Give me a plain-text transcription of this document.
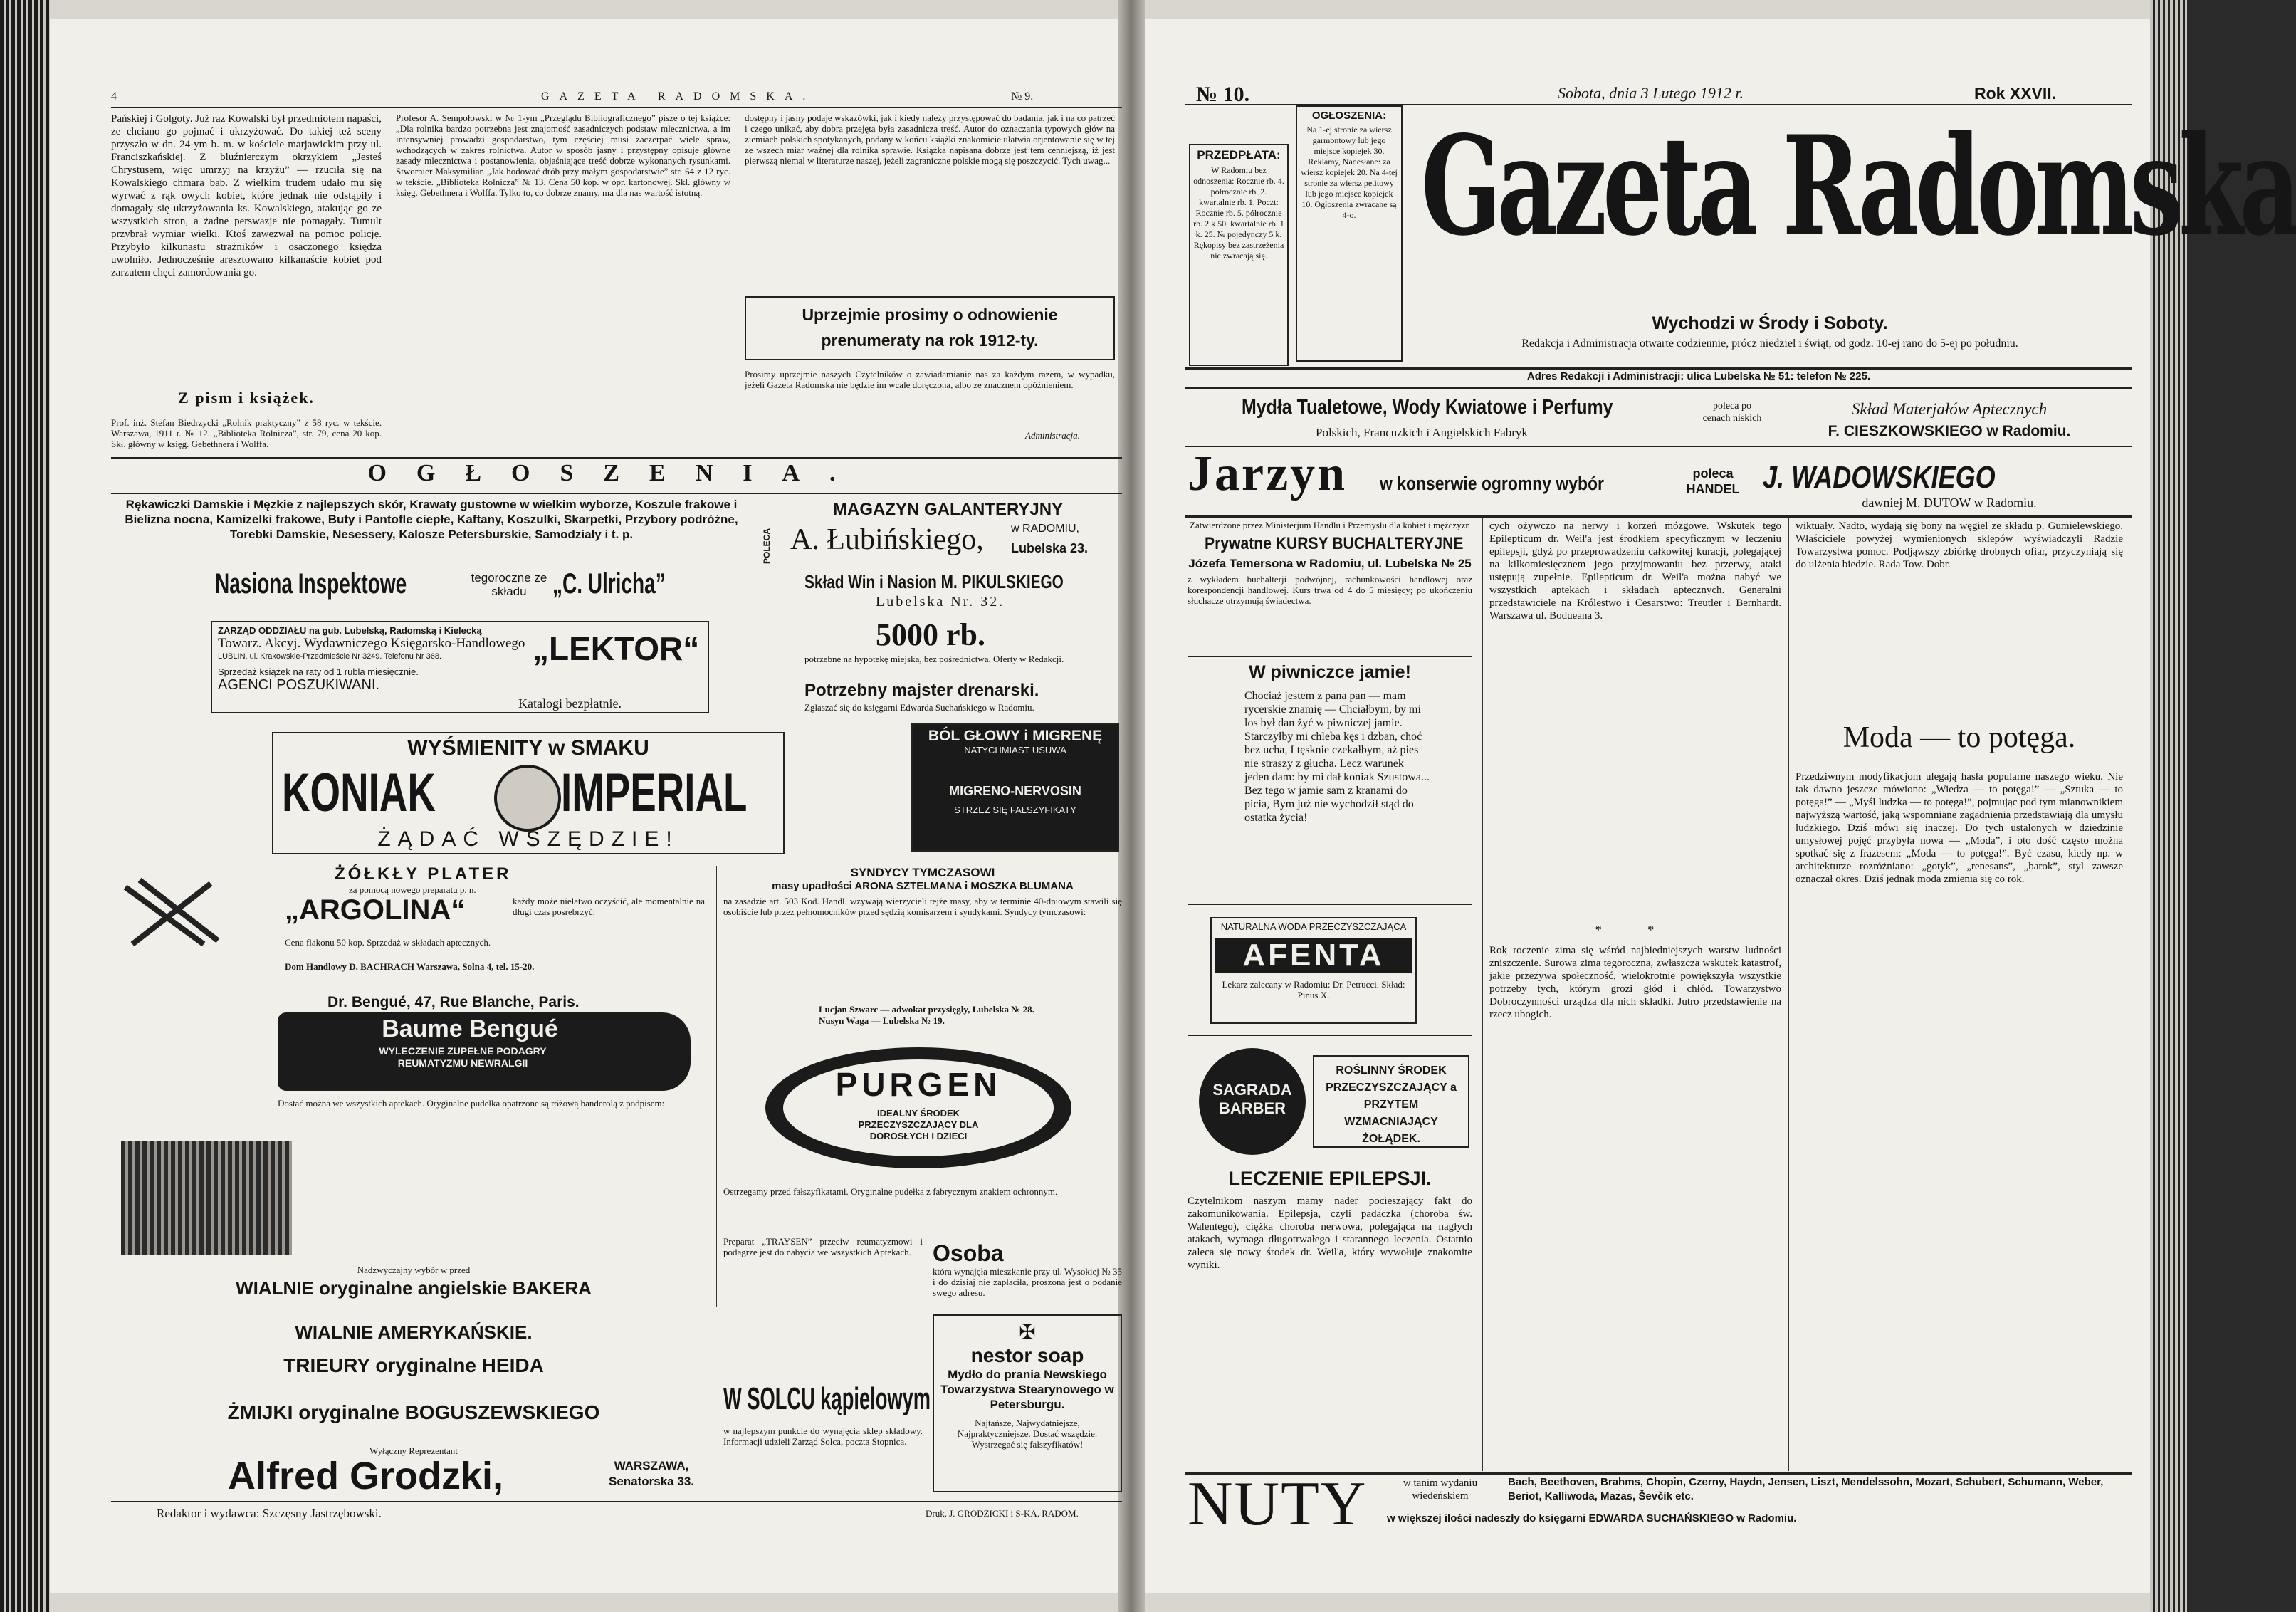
4	GAZETA RADOMSKA.	№ 9.
Pańskiej i Golgoty. Już raz Kowalski był przedmiotem napaści, ze chciano go pojmać i ukrzyżować. Do takiej też sceny przyszło w dn. 24-ym b. m. w kościele marjawickim przy ul. Franciszkańskiej. Z bluźnierczym okrzykiem „Jesteś Chrystusem, więc umrzyj na krzyżu” — rzuciła się na Kowalskiego chmara bab. Z wielkim trudem udało mu się wyrwać z rąk owych kobiet, które jednak nie odstąpiły i domagały się ukrzyżowania ks. Kowalskiego, atakując go ze wszystkich stron, a żadne perswazje nie pomagały. Tumult przybrał wymiar wielki. Ktoś zawezwał na pomoc policję. Przybyło kilkunastu strażników i osaczonego księdza uwolniło. Jednocześnie aresztowano kilkanaście kobiet pod zarzutem chęci zamordowania go.
Z pism i książek.
Prof. inż. Stefan Biedrzycki „Rolnik praktyczny” z 58 ryc. w tekście. Warszawa, 1911 r. № 12. „Biblioteka Rolnicza”, str. 79, cena 20 kop. Skł. główny w księg. Gebethnera i Wolffa.
Profesor A. Sempołowski w № 1-ym „Przeglądu Bibliograficznego” pisze o tej książce: „Dla rolnika bardzo potrzebna jest znajomość zasadniczych podstaw mlecznictwa, a im intensywniej prowadzi gospodarstwo, tym częściej musi zaczerpać wiele spraw, wchodzących w zakres rolnictwa. Autor w sposób jasny i przystępny opisuje główne zasady mlecznictwa i postanowienia, objaśniające treść dobrze wykonanych rysunkami. Stwornier Maksymilian „Jak hodować drób przy małym gospodarstwie” str. 64 z 12 ryc. w tekście. „Biblioteka Rolnicza” № 13. Cena 50 kop. w opr. kartonowej. Skł. główny w księg. Gebethnera i Wolffa. Tylko to, co dobrze znamy, ma dla nas wartość istotną.
dostępny i jasny podaje wskazówki, jak i kiedy należy przystępować do badania, jak i na co patrzeć i czego unikać, aby dobra przejęta była zasadnicza treść. Autor do oznaczania typowych głów na ziemiach polskich spotykanych, podany w końcu książki znakomicie ułatwia orjentowanie się w tej ze wszech miar ważnej dla rolnika sprawie. Książka napisana dobrze jest tem cenniejszą, iż jest pierwszą niemal w literaturze naszej, jeżeli zagraniczne polskie mogą się poszczycić. Tych uwag...
Uprzejmie prosimy o odnowienie prenumeraty na rok 1912-ty.
Prosimy uprzejmie naszych Czytelników o zawiadamianie nas za każdym razem, w wypadku, jeżeli Gazeta Radomska nie będzie im wcale doręczona, albo ze znacznem opóźnieniem.
Administracja.
OGŁOSZENIA.
Rękawiczki Damskie i Męzkie z najlepszych skór, Krawaty gustowne w wielkim wyborze, Koszule frakowe i Bielizna nocna, Kamizelki frakowe, Buty i Pantofle ciepłe, Kaftany, Koszulki, Skarpetki, Przybory podróżne, Torebki Damskie, Nesessery, Kalosze Petersburskie, Samodziały i t. p.	POLECA
MAGAZYN GALANTERYJNY
w RADOMIU,
A. Łubińskiego, Lubelska 23.
Nasiona Inspektowe	tegoroczne ze składu „C. Ulricha”	Skład Win i Nasion M. PIKULSKIEGO
Lubelska Nr. 32.
ZARZĄD ODDZIAŁU na gub. Lubelską, Radomską i Kielecką
Towarz. Akcyj. Wydawniczego Księgarsko-Handlowego
LUBLIN, ul. Krakowskie-Przedmieście Nr 3249. Telefonu Nr 368.	„LEKTOR“
Sprzedaż książek na raty od 1 rubla miesięcznie.
AGENCI POSZUKIWANI.
Katalogi bezpłatnie.
5000 rb.
potrzebne na hypotekę miejską, bez pośrednictwa. Oferty w Redakcji.
Potrzebny majster drenarski.
Zgłaszać się do księgarni Edwarda Suchańskiego w Radomiu.
WYŚMIENITY w SMAKU
KONIAK IMPERIAL
ŻĄDAĆ WSZĘDZIE!
BÓL GŁOWY i MIGRENĘ
NATYCHMIAST USUWA
MIGRENO-NERVOSIN
STRZEZ SIĘ FAŁSZYFIKATY
ŻÓŁKŁY PLATER
za pomocą nowego preparatu p. n.
„ARGOLINA“	każdy może niełatwo oczyścić, ale momentalnie na długi czas posrebrzyć.
Cena flakonu 50 kop. Sprzedaż w składach aptecznych.
Dom Handlowy D. BACHRACH Warszawa, Solna 4, tel. 15-20.
SYNDYCY TYMCZASOWI
masy upadłości ARONA SZTELMANA i MOSZKA BLUMANA
na zasadzie art. 503 Kod. Handl. wzywają wierzycieli tejże masy, aby w terminie 40-dniowym stawili się osobiście lub przez pełnomocników przed sędzią komisarzem i syndykami. Syndycy tymczasowi:
Lucjan Szwarc — adwokat przysięgły, Lubelska № 28.
Nusyn Waga — Lubelska № 19.
Dr. Bengué, 47, Rue Blanche, Paris.
Baume Bengué
WYLECZENIE ZUPEŁNE PODAGRY REUMATYZMU NEWRALGII
Dostać można we wszystkich aptekach. Oryginalne pudełka opatrzone są różową banderolą z podpisem:
PURGEN
IDEALNY ŚRODEK PRZECZYSZCZAJĄCY DLA DOROSŁYCH I DZIECI
Ostrzegamy przed fałszyfikatami. Oryginalne pudełka z fabrycznym znakiem ochronnym.
Nadzwyczajny wybór w przed
WIALNIE oryginalne angielskie BAKERA
WIALNIE AMERYKAŃSKIE.
TRIEURY oryginalne HEIDA
ŻMIJKI oryginalne BOGUSZEWSKIEGO
Wyłączny Reprezentant
Alfred Grodzki,	WARSZAWA, Senatorska 33.
Preparat „TRAYSEN” przeciw reumatyzmowi i podagrze jest do nabycia we wszystkich Aptekach. Osoba
która wynajęła mieszkanie przy ul. Wysokiej № 35 i do dzisiaj nie zapłaciła, proszona jest o podanie swego adresu.
✠
nestor soap
Mydło do prania Newskiego Towarzystwa Stearynowego w Petersburgu.
Najtańsze, Najwydatniejsze, Najpraktyczniejsze. Dostać wszędzie. Wystrzegać się fałszyfikatów!
W SOLCU kąpielowym
w najlepszym punkcie do wynajęcia sklep składowy. Informacji udzieli Zarząd Solca, poczta Stopnica.
Redaktor i wydawca: Szczęsny Jastrzębowski.	Druk. J. GRODZICKI i S-KA. RADOM.
№ 10.	Sobota, dnia 3 Lutego 1912 r.	Rok XXVII.
PRZEDPŁATA:
W Radomiu bez odnoszenia: Rocznie rb. 4. półrocznie rb. 2. kwartalnie rb. 1. Poczt: Rocznie rb. 5. półrocznie rb. 2 k 50. kwartalnie rb. 1 k. 25. № pojedynczy 5 k. Rękopisy bez zastrzeżenia nie zwracają się.
OGŁOSZENIA:
Na 1-ej stronie za wiersz garmontowy lub jego miejsce kopiejek 30. Reklamy, Nadesłane: za wiersz kopiejek 20. Na 4-tej stronie za wiersz petitowy lub jego miejsce kopiejek 10. Ogłoszenia zwracane są 4-o. Gazeta Radomska
Wychodzi w Środy i Soboty.
Redakcja i Administracja otwarte codziennie, prócz niedziel i świąt, od godz. 10-ej rano do 5-ej po południu.
Adres Redakcji i Administracji: ulica Lubelska № 51: telefon № 225.
Mydła Tualetowe, Wody Kwiatowe i Perfumy
Polskich, Francuzkich i Angielskich Fabryk
poleca po cenach niskich
Skład Materjałów Aptecznych
F. CIESZKOWSKIEGO w Radomiu.
Jarzyn w konserwie ogromny wybór	poleca HANDEL J. WADOWSKIEGO
dawniej M. DUTOW w Radomiu.
Zatwierdzone przez Ministerjum Handlu i Przemysłu dla kobiet i mężczyzn
Prywatne KURSY BUCHALTERYJNE
Józefa Temersona w Radomiu, ul. Lubelska № 25
z wykładem buchalterji podwójnej, rachunkowości handlowej oraz korespondencji handlowej. Kurs trwa od 4 do 5 miesięcy; po ukończeniu słuchacze otrzymują świadectwa.
W piwniczce jamie!
Chociaż jestem z pana pan — mam rycerskie znamię — Chciałbym, by mi los był dan żyć w piwniczej jamie. Starczyłby mi chleba kęs i dzban, choć bez ucha, I tęsknie czekałbym, aż pies nie straszy z głucha. Lecz warunek jeden dam: by mi dał koniak Szustowa... Bez tego w jamie sam z kranami do picia, Bym już nie wychodził stąd do ostatka życia!
NATURALNA WODA PRZECZYSZCZAJĄCA
AFENTA
Lekarz zalecany w Radomiu: Dr. Petrucci. Skład: Pinus X.
SAGRADA BARBER
ROŚLINNY ŚRODEK PRZECZYSZCZAJĄCY a PRZYTEM WZMACNIAJĄCY ŻOŁĄDEK.
LECZENIE EPILEPSJI.
Czytelnikom naszym mamy nader pocieszający fakt do zakomunikowania. Epilepsja, czyli padaczka (choroba św. Walentego), ciężka choroba nerwowa, polegająca na nagłych atakach, wymaga długotrwałego i starannego leczenia. Ostatnio zaleca się nowy środek dr. Weil'a, który wywołuje znakomite wyniki.
cych ożywczo na nerwy i korzeń mózgowe. Wskutek tego Epilepticum dr. Weil'a jest środkiem specyficznym w leczeniu epilepsji, gdyż po przeprowadzeniu całkowitej kuracji, polegającej na kilkomiesięcznem jego przyjmowaniu bez przerwy, ataki ustępują zupełnie. Epilepticum dr. Weil'a można nabyć we wszystkich aptekach i składach aptecznych. Generalni przedstawiciele na Królestwo i Cesarstwo: Treutler i Bernhardt. Warszawa ul. Bodueana 3.
* *
Rok roczenie zima się wśród najbiedniejszych warstw ludności zniszczenie. Surowa zima tegoroczna, zwłaszcza wskutek katastrof, jakie przeżywa społeczność, wielokrotnie powiększyła wszystkie potrzeby tych, którym grozi głód i chłód. Towarzystwo Dobroczynności urządza dla nich składki. Jutro przedstawienie na rzecz ubogich.
wiktuały. Nadto, wydają się bony na węgiel ze składu p. Gumielewskiego. Właściciele powyżej wymienionych sklepów wyświadczyli Radzie Towarzystwa pomoc. Podjąwszy zbiórkę drobnych ofiar, przyczyniają się do ulżenia biedzie. Rada Tow. Dobr.
Moda — to potęga.
Przedziwnym modyfikacjom ulegają hasła popularne naszego wieku. Nie tak dawno jeszcze mówiono: „Wiedza — to potęga!” — „Sztuka — to potęga!” — „Myśl ludzka — to potęga!”, pojmując pod tym mianownikiem najwyższą wartość, jaką wspomniane zagadnienia przedstawiają dla umysłu ludzkiego. Dziś mówi się inaczej. Do tych ustalonych w dziedzinie umysłowej pojęć przybyła nowa — „Moda”, i oto dość często można spotkać się z frazesem: „Moda — to potęga!”. Być czasu, kiedy np. w architekturze rozróżniano: „gotyk”, „renesans”, „barok”, styl zawsze oznaczał okres. Dziś jednak moda zmienia się co rok.
NUTY	w tanim wydaniu wiedeńskiem
Bach, Beethoven, Brahms, Chopin, Czerny, Haydn, Jensen, Liszt, Mendelssohn, Mozart, Schubert, Schumann, Weber, Beriot, Kalliwoda, Mazas, Ševčík etc.
w większej ilości nadeszły do księgarni EDWARDA SUCHAŃSKIEGO w Radomiu.
